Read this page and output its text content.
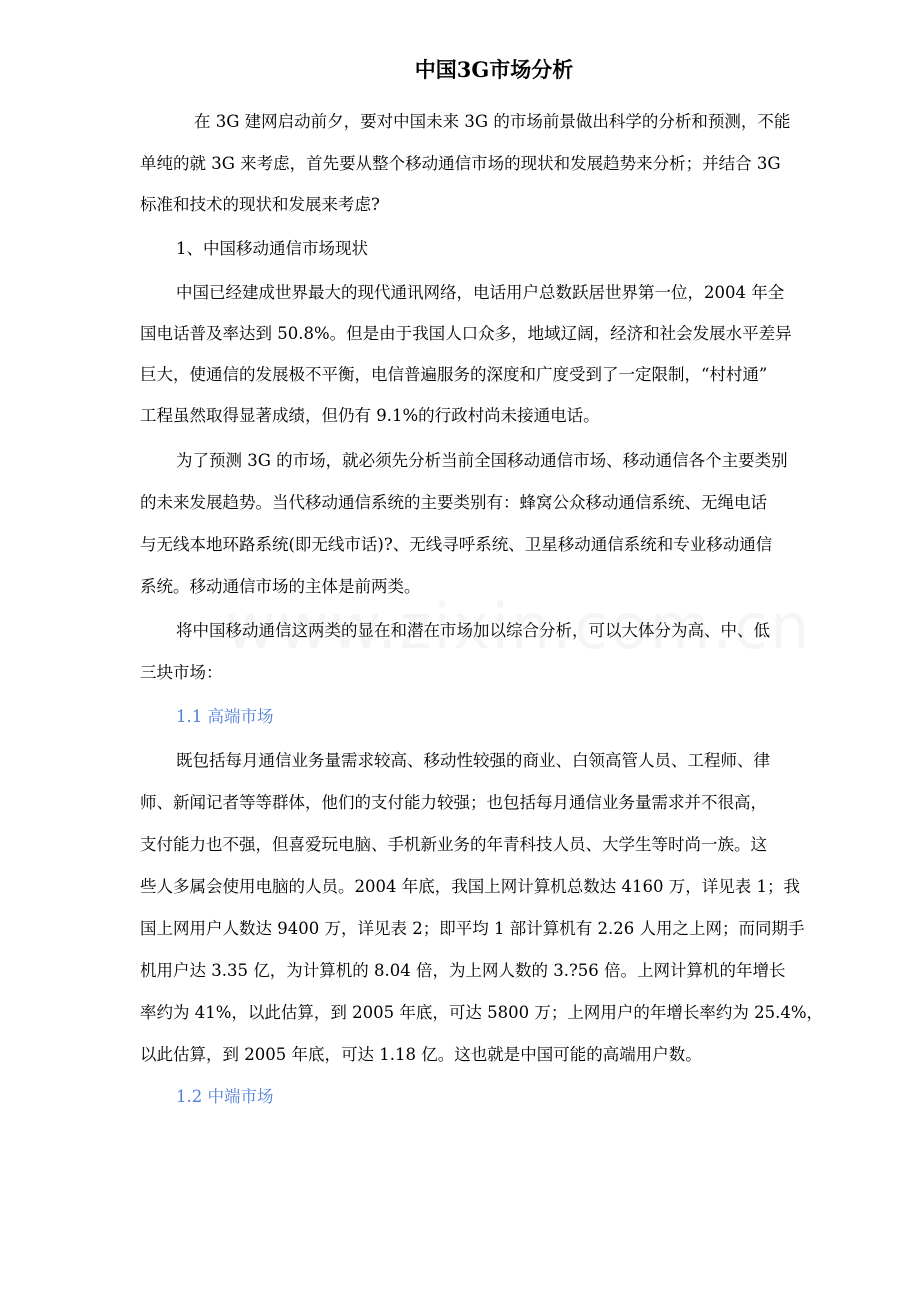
中国3G市场分析

在 3G 建网启动前夕，要对中国未来 3G 的市场前景做出科学的分析和预测，不能

单纯的就 3G 来考虑，首先要从整个移动通信市场的现状和发展趋势来分析；并结合 3G

标准和技术的现状和发展来考虑?

1、中国移动通信市场现状

中国已经建成世界最大的现代通讯网络，电话用户总数跃居世界第一位，2004 年全

国电话普及率达到 50.8%。但是由于我国人口众多，地域辽阔，经济和社会发展水平差异

巨大，使通信的发展极不平衡，电信普遍服务的深度和广度受到了一定限制，“村村通”

工程虽然取得显著成绩，但仍有 9.1%的行政村尚未接通电话。

为了预测 3G 的市场，就必须先分析当前全国移动通信市场、移动通信各个主要类别

的未来发展趋势。当代移动通信系统的主要类别有：蜂窝公众移动通信系统、无绳电话

与无线本地环路系统(即无线市话)?、无线寻呼系统、卫星移动通信系统和专业移动通信

系统。移动通信市场的主体是前两类。

将中国移动通信这两类的显在和潜在市场加以综合分析，可以大体分为高、中、低

三块市场：

1.1 高端市场

既包括每月通信业务量需求较高、移动性较强的商业、白领高管人员、工程师、律

师、新闻记者等等群体，他们的支付能力较强；也包括每月通信业务量需求并不很高，

支付能力也不强，但喜爱玩电脑、手机新业务的年青科技人员、大学生等时尚一族。这

些人多属会使用电脑的人员。2004 年底，我国上网计算机总数达 4160 万，详见表 1；我

国上网用户人数达 9400 万，详见表 2；即平均 1 部计算机有 2.26 人用之上网；而同期手

机用户达 3.35 亿，为计算机的 8.04 倍，为上网人数的 3.?56 倍。上网计算机的年增长

率约为 41%，以此估算，到 2005 年底，可达 5800 万；上网用户的年增长率约为 25.4%，

以此估算，到 2005 年底，可达 1.18 亿。这也就是中国可能的高端用户数。

1.2 中端市场
